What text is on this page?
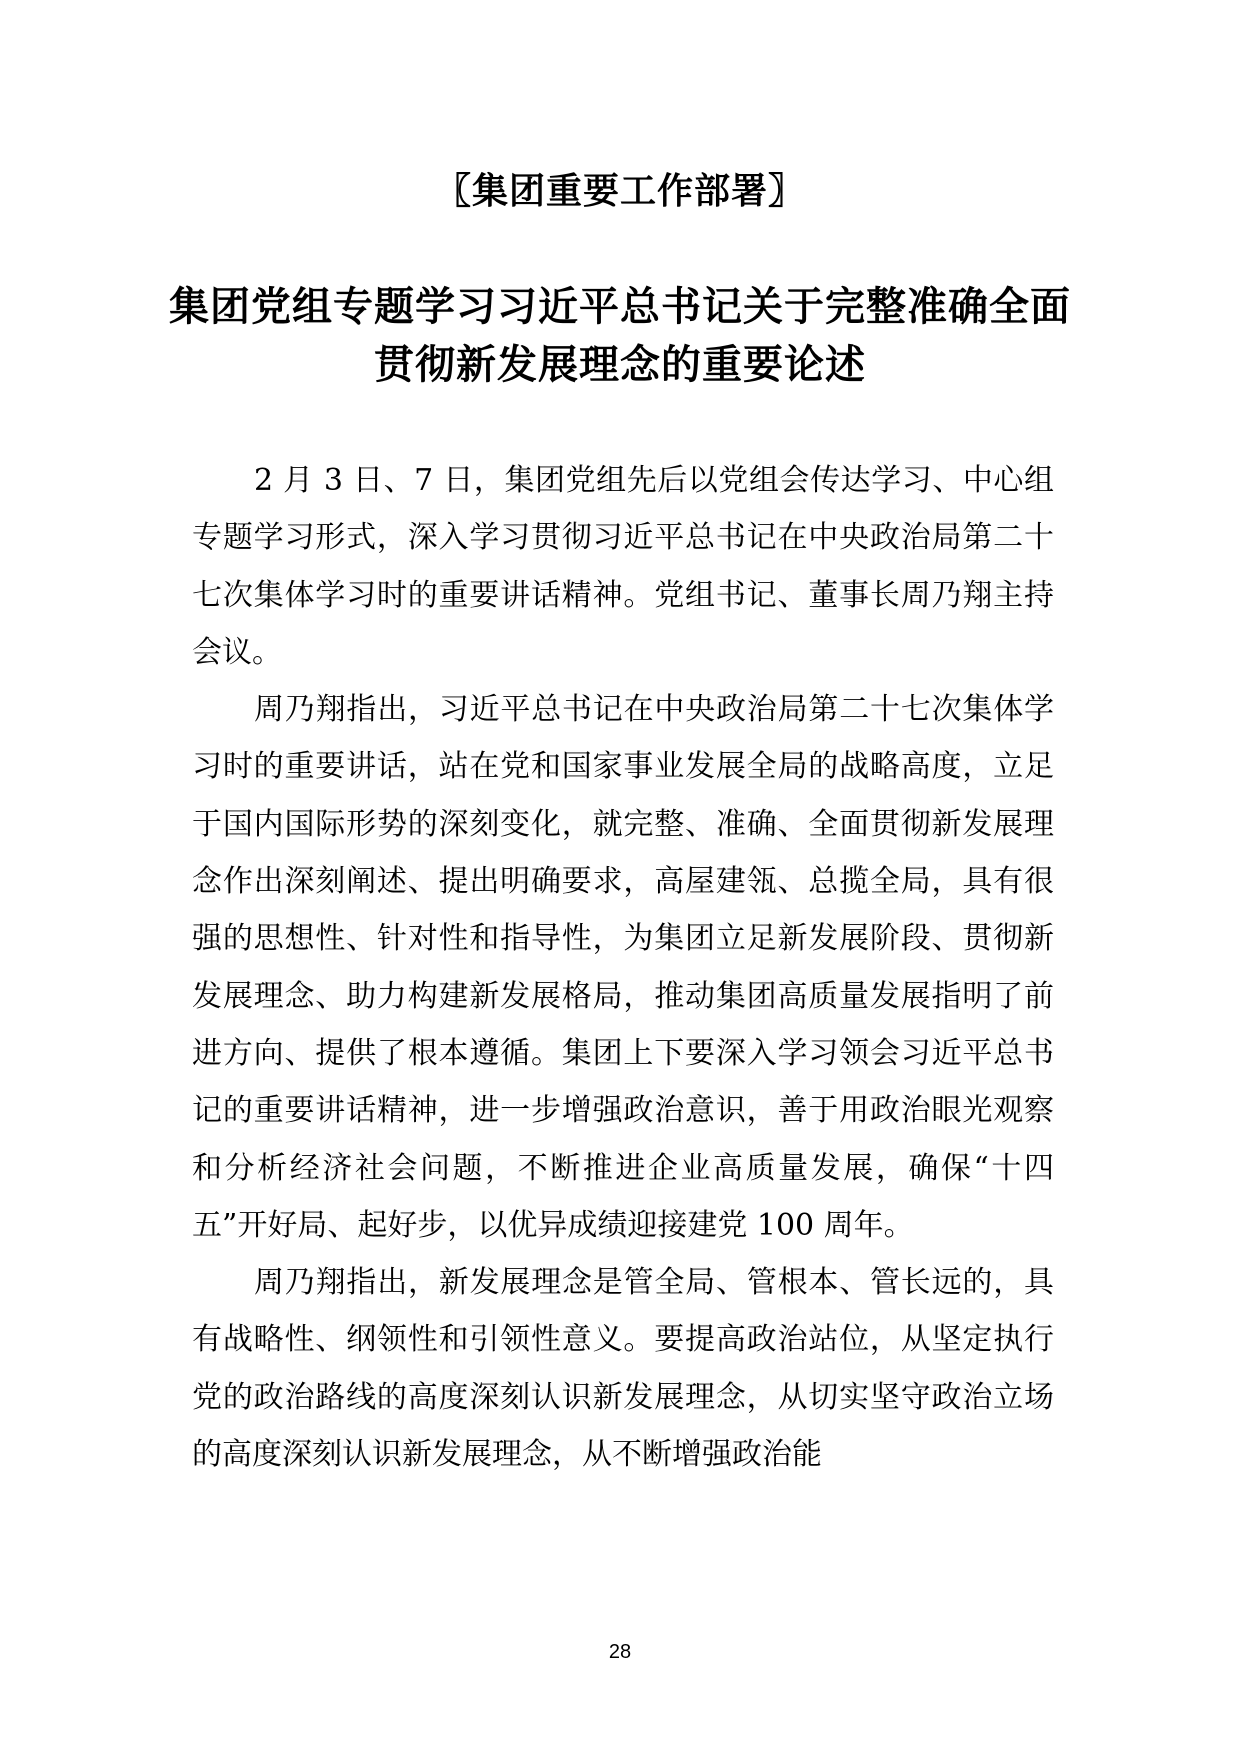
〖集团重要工作部署〗
集团党组专题学习习近平总书记关于完整准确全面
贯彻新发展理念的重要论述

2 月 3 日、7 日，集团党组先后以党组会传达学习、中心组专题学习形式，深入学习贯彻习近平总书记在中央政治局第二十七次集体学习时的重要讲话精神。党组书记、董事长周乃翔主持会议。

周乃翔指出，习近平总书记在中央政治局第二十七次集体学习时的重要讲话，站在党和国家事业发展全局的战略高度，立足于国内国际形势的深刻变化，就完整、准确、全面贯彻新发展理念作出深刻阐述、提出明确要求，高屋建瓴、总揽全局，具有很强的思想性、针对性和指导性，为集团立足新发展阶段、贯彻新发展理念、助力构建新发展格局，推动集团高质量发展指明了前进方向、提供了根本遵循。集团上下要深入学习领会习近平总书记的重要讲话精神，进一步增强政治意识，善于用政治眼光观察和分析经济社会问题，不断推进企业高质量发展，确保“十四五”开好局、起好步，以优异成绩迎接建党 100 周年。

周乃翔指出，新发展理念是管全局、管根本、管长远的，具有战略性、纲领性和引领性意义。要提高政治站位，从坚定执行党的政治路线的高度深刻认识新发展理念，从切实坚守政治立场的高度深刻认识新发展理念，从不断增强政治能

28
